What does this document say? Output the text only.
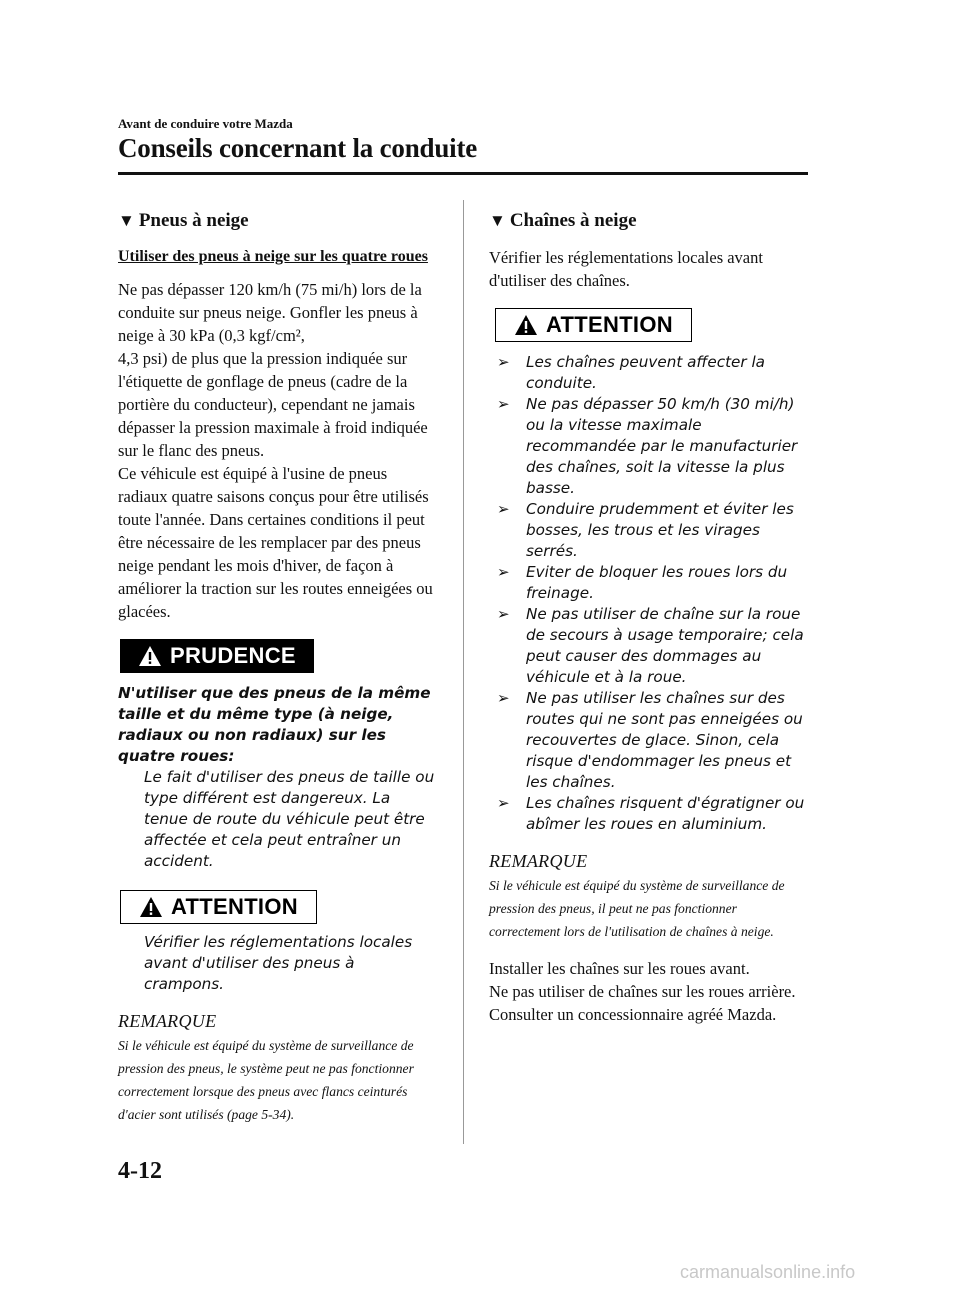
Avant de conduire votre Mazda
Conseils concernant la conduite
▼ Pneus à neige
Utiliser des pneus à neige sur les quatre roues

Ne pas dépasser 120 km/h (75 mi/h) lors de la conduite sur pneus neige. Gonfler les pneus à neige à 30 kPa (0,3 kgf/cm²,

4,3 psi) de plus que la pression indiquée sur l'étiquette de gonflage de pneus (cadre de la portière du conducteur), cependant ne jamais dépasser la pression maximale à froid indiquée sur le flanc des pneus.

Ce véhicule est équipé à l'usine de pneus radiaux quatre saisons conçus pour être utilisés toute l'année. Dans certaines conditions il peut être nécessaire de les remplacer par des pneus neige pendant les mois d'hiver, de façon à améliorer la traction sur les routes enneigées ou glacées.

PRUDENCE
N'utiliser que des pneus de la même taille et du même type (à neige, radiaux ou non radiaux) sur les quatre roues:
Le fait d'utiliser des pneus de taille ou type différent est dangereux. La tenue de route du véhicule peut être affectée et cela peut entraîner un accident.
ATTENTION
Vérifier les réglementations locales avant d'utiliser des pneus à crampons.
REMARQUE

Si le véhicule est équipé du système de surveillance de pression des pneus, le système peut ne pas fonctionner correctement lorsque des pneus avec flancs ceinturés d'acier sont utilisés (page 5-34).

▼ Chaînes à neige

Vérifier les réglementations locales avant d'utiliser des chaînes.

ATTENTION
➢ Les chaînes peuvent affecter la conduite.
➢ Ne pas dépasser 50 km/h (30 mi/h) ou la vitesse maximale recommandée par le manufacturier des chaînes, soit la vitesse la plus basse.
➢ Conduire prudemment et éviter les bosses, les trous et les virages serrés.
➢ Eviter de bloquer les roues lors du freinage.
➢ Ne pas utiliser de chaîne sur la roue de secours à usage temporaire; cela peut causer des dommages au véhicule et à la roue.
➢ Ne pas utiliser les chaînes sur des routes qui ne sont pas enneigées ou recouvertes de glace. Sinon, cela risque d'endommager les pneus et les chaînes.
➢ Les chaînes risquent d'égratigner ou abîmer les roues en aluminium.
REMARQUE

Si le véhicule est équipé du système de surveillance de pression des pneus, il peut ne pas fonctionner correctement lors de l'utilisation de chaînes à neige.

Installer les chaînes sur les roues avant.

Ne pas utiliser de chaînes sur les roues arrière.

Consulter un concessionnaire agréé Mazda.

4-12
carmanualsonline.info
